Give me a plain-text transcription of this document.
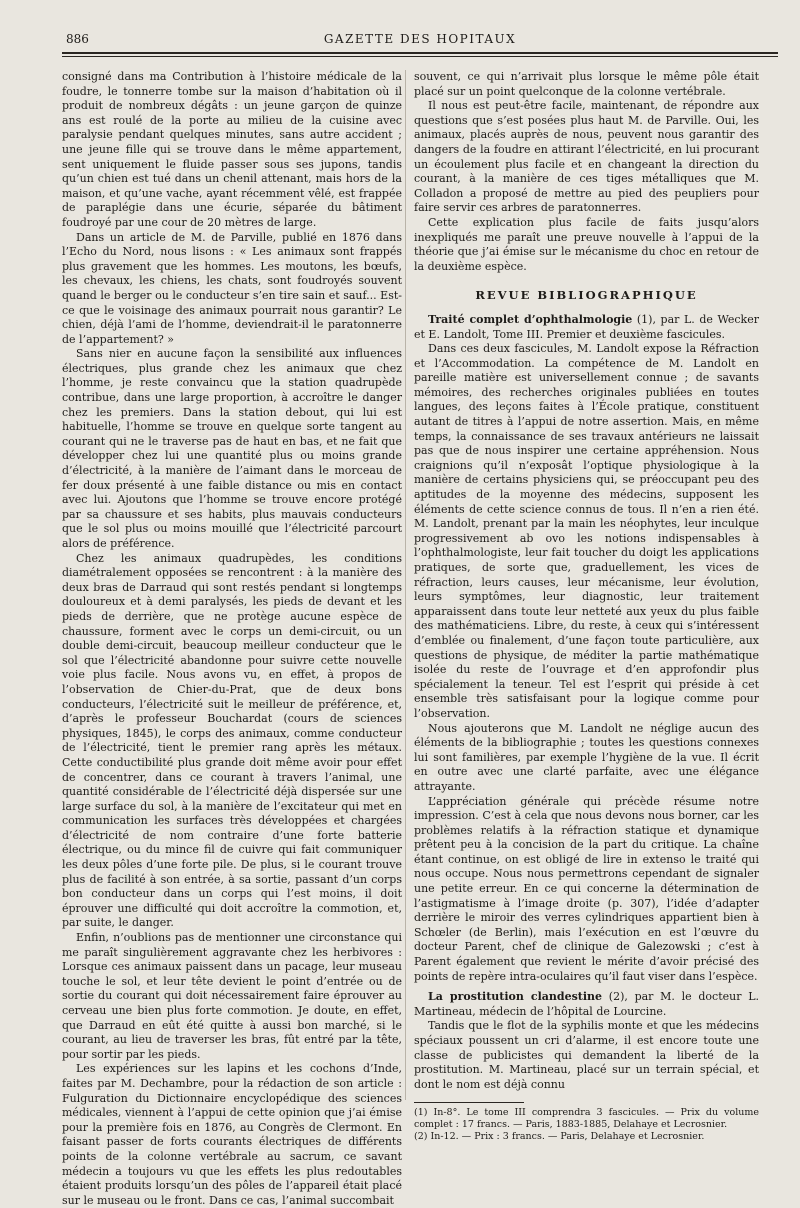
886	GAZETTE DES HOPITAUX

consigné dans ma Contribution à l’histoire médicale de la foudre, le tonnerre tombe sur la maison d’habitation où il produit de nombreux dégâts : un jeune garçon de quinze ans est roulé de la porte au milieu de la cuisine avec paralysie pendant quelques minutes, sans autre accident ; une jeune fille qui se trouve dans le même appartement, sent uniquement le fluide passer sous ses jupons, tandis qu’un chien est tué dans un chenil attenant, mais hors de la maison, et qu’une vache, ayant récemment vêlé, est frappée de paraplégie dans une écurie, séparée du bâtiment foudroyé par une cour de 20 mètres de large.

Dans un article de M. de Parville, publié en 1876 dans l’Echo du Nord, nous lisons : « Les animaux sont frappés plus gravement que les hommes. Les moutons, les bœufs, les chevaux, les chiens, les chats, sont foudroyés souvent quand le berger ou le conducteur s’en tire sain et sauf... Est-ce que le voisinage des animaux pourrait nous garantir? Le chien, déjà l’ami de l’homme, deviendrait-il le paratonnerre de l’appartement? »

Sans nier en aucune façon la sensibilité aux influences électriques, plus grande chez les animaux que chez l’homme, je reste convaincu que la station quadrupède contribue, dans une large proportion, à accroître le danger chez les premiers. Dans la station debout, qui lui est habituelle, l’homme se trouve en quelque sorte tangent au courant qui ne le traverse pas de haut en bas, et ne fait que développer chez lui une quantité plus ou moins grande d’électricité, à la manière de l’aimant dans le morceau de fer doux présenté à une faible distance ou mis en contact avec lui. Ajoutons que l’homme se trouve encore protégé par sa chaussure et ses habits, plus mauvais conducteurs que le sol plus ou moins mouillé que l’électricité parcourt alors de préférence.

Chez les animaux quadrupèdes, les conditions diamétralement opposées se rencontrent : à la manière des deux bras de Darraud qui sont restés pendant si longtemps douloureux et à demi paralysés, les pieds de devant et les pieds de derrière, que ne protège aucune espèce de chaussure, forment avec le corps un demi-circuit, ou un double demi-circuit, beaucoup meilleur conducteur que le sol que l’électricité abandonne pour suivre cette nouvelle voie plus facile. Nous avons vu, en effet, à propos de l’observation de Chier-du-Prat, que de deux bons conducteurs, l’électricité suit le meilleur de préférence, et, d’après le professeur Bouchardat (cours de sciences physiques, 1845), le corps des animaux, comme conducteur de l’électricité, tient le premier rang après les métaux. Cette conductibilité plus grande doit même avoir pour effet de concentrer, dans ce courant à travers l’animal, une quantité considérable de l’électricité déjà dispersée sur une large surface du sol, à la manière de l’excitateur qui met en communication les surfaces très développées et chargées d’électricité de nom contraire d’une forte batterie électrique, ou du mince fil de cuivre qui fait communiquer les deux pôles d’une forte pile. De plus, si le courant trouve plus de facilité à son entrée, à sa sortie, passant d’un corps bon conducteur dans un corps qui l’est moins, il doit éprouver une difficulté qui doit accroître la commotion, et, par suite, le danger.

Enfin, n’oublions pas de mentionner une circonstance qui me paraît singulièrement aggravante chez les herbivores : Lorsque ces animaux paissent dans un pacage, leur museau touche le sol, et leur tête devient le point d’entrée ou de sortie du courant qui doit nécessairement faire éprouver au cerveau une bien plus forte commotion. Je doute, en effet, que Darraud en eût été quitte à aussi bon marché, si le courant, au lieu de traverser les bras, fût entré par la tête, pour sortir par les pieds.

Les expériences sur les lapins et les cochons d’Inde, faites par M. Dechambre, pour la rédaction de son article : Fulguration du Dictionnaire encyclopédique des sciences médicales, viennent à l’appui de cette opinion que j’ai émise pour la première fois en 1876, au Congrès de Clermont. En faisant passer de forts courants électriques de différents points de la colonne vertébrale au sacrum, ce savant médecin a toujours vu que les effets les plus redoutables étaient produits lorsqu’un des pôles de l’appareil était placé sur le museau ou le front. Dans ce cas, l’animal succombait

souvent, ce qui n’arrivait plus lorsque le même pôle était placé sur un point quelconque de la colonne vertébrale.

Il nous est peut-être facile, maintenant, de répondre aux questions que s’est posées plus haut M. de Parville. Oui, les animaux, placés auprès de nous, peuvent nous garantir des dangers de la foudre en attirant l’électricité, en lui procurant un écoulement plus facile et en changeant la direction du courant, à la manière de ces tiges métalliques que M. Colladon a proposé de mettre au pied des peupliers pour faire servir ces arbres de paratonnerres.

Cette explication plus facile de faits jusqu’alors inexpliqués me paraît une preuve nouvelle à l’appui de la théorie que j’ai émise sur le mécanisme du choc en retour de la deuxième espèce.

REVUE BIBLIOGRAPHIQUE

Traité complet d’ophthalmologie (1), par L. de Wecker et E. Landolt, Tome III. Premier et deuxième fascicules.

Dans ces deux fascicules, M. Landolt expose la Réfraction et l’Accommodation. La compétence de M. Landolt en pareille matière est universellement connue ; de savants mémoires, des recherches originales publiées en toutes langues, des leçons faites à l’École pratique, constituent autant de titres à l’appui de notre assertion. Mais, en même temps, la connaissance de ses travaux antérieurs ne laissait pas que de nous inspirer une certaine appréhension. Nous craignions qu’il n’exposât l’optique physiologique à la manière de certains physiciens qui, se préoccupant peu des aptitudes de la moyenne des médecins, supposent les éléments de cette science connus de tous. Il n’en a rien été. M. Landolt, prenant par la main les néophytes, leur inculque progressivement ab ovo les notions indispensables à l’ophthalmologiste, leur fait toucher du doigt les applications pratiques, de sorte que, graduellement, les vices de réfraction, leurs causes, leur mécanisme, leur évolution, leurs symptômes, leur diagnostic, leur traitement apparaissent dans toute leur netteté aux yeux du plus faible des mathématiciens. Libre, du reste, à ceux qui s’intéressent d’emblée ou finalement, d’une façon toute particulière, aux questions de physique, de méditer la partie mathématique isolée du reste de l’ouvrage et d’en approfondir plus spécialement la teneur. Tel est l’esprit qui préside à cet ensemble très satisfaisant pour la logique comme pour l’observation.

Nous ajouterons que M. Landolt ne néglige aucun des éléments de la bibliographie ; toutes les questions connexes lui sont familières, par exemple l’hygiène de la vue. Il écrit en outre avec une clarté parfaite, avec une élégance attrayante.

L’appréciation générale qui précède résume notre impression. C’est à cela que nous devons nous borner, car les problèmes relatifs à la réfraction statique et dynamique prêtent peu à la concision de la part du critique. La chaîne étant continue, on est obligé de lire in extenso le traité qui nous occupe. Nous nous permettrons cependant de signaler une petite erreur. En ce qui concerne la détermination de l’astigmatisme à l’image droite (p. 307), l’idée d’adapter derrière le miroir des verres cylindriques appartient bien à Schœler (de Berlin), mais l’exécution en est l’œuvre du docteur Parent, chef de clinique de Galezowski ; c’est à Parent également que revient le mérite d’avoir précisé des points de repère intra-oculaires qu’il faut viser dans l’espèce.

La prostitution clandestine (2), par M. le docteur L. Martineau, médecin de l’hôpital de Lourcine.

Tandis que le flot de la syphilis monte et que les médecins spéciaux poussent un cri d’alarme, il est encore toute une classe de publicistes qui demandent la liberté de la prostitution. M. Martineau, placé sur un terrain spécial, et dont le nom est déjà connu

(1) In-8°. Le tome III comprendra 3 fascicules. — Prix du volume complet : 17 francs. — Paris, 1883-1885, Delahaye et Lecrosnier.

(2) In-12. — Prix : 3 francs. — Paris, Delahaye et Lecrosnier.
